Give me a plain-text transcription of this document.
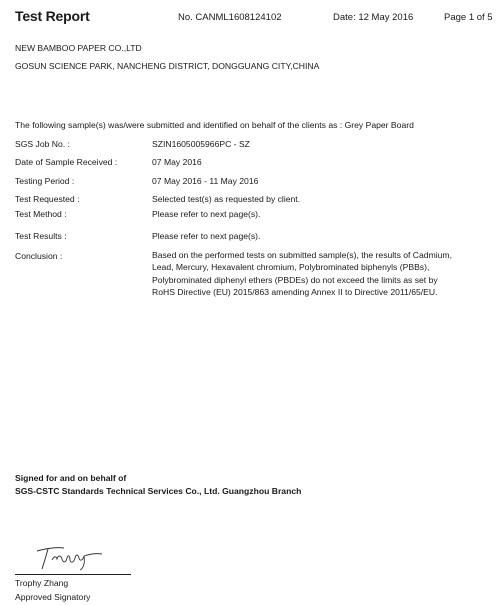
Test Report	No. CANML1608124102	Date: 12 May 2016	Page 1 of 5
NEW BAMBOO PAPER CO.,LTD
GOSUN SCIENCE PARK, NANCHENG DISTRICT, DONGGUANG CITY,CHINA
The following sample(s) was/were submitted and identified on behalf of the clients as : Grey Paper Board
SGS Job No. :	SZIN1605005966PC - SZ
Date of Sample Received :	07 May 2016
Testing Period :	07 May 2016 - 11 May 2016
Test Requested :	Selected test(s) as requested by client.
Test Method :	Please refer to next page(s).
Test Results :	Please refer to next page(s).
Conclusion :	Based on the performed tests on submitted sample(s), the results of Cadmium,
Lead, Mercury, Hexavalent chromium, Polybrominated biphenyls (PBBs),
Polybrominated diphenyl ethers (PBDEs) do not exceed the limits as set by
RoHS Directive (EU) 2015/863 amending Annex II to Directive 2011/65/EU.
Signed for and on behalf of
SGS-CSTC Standards Technical Services Co., Ltd. Guangzhou Branch
Trophy Zhang
Approved Signatory
